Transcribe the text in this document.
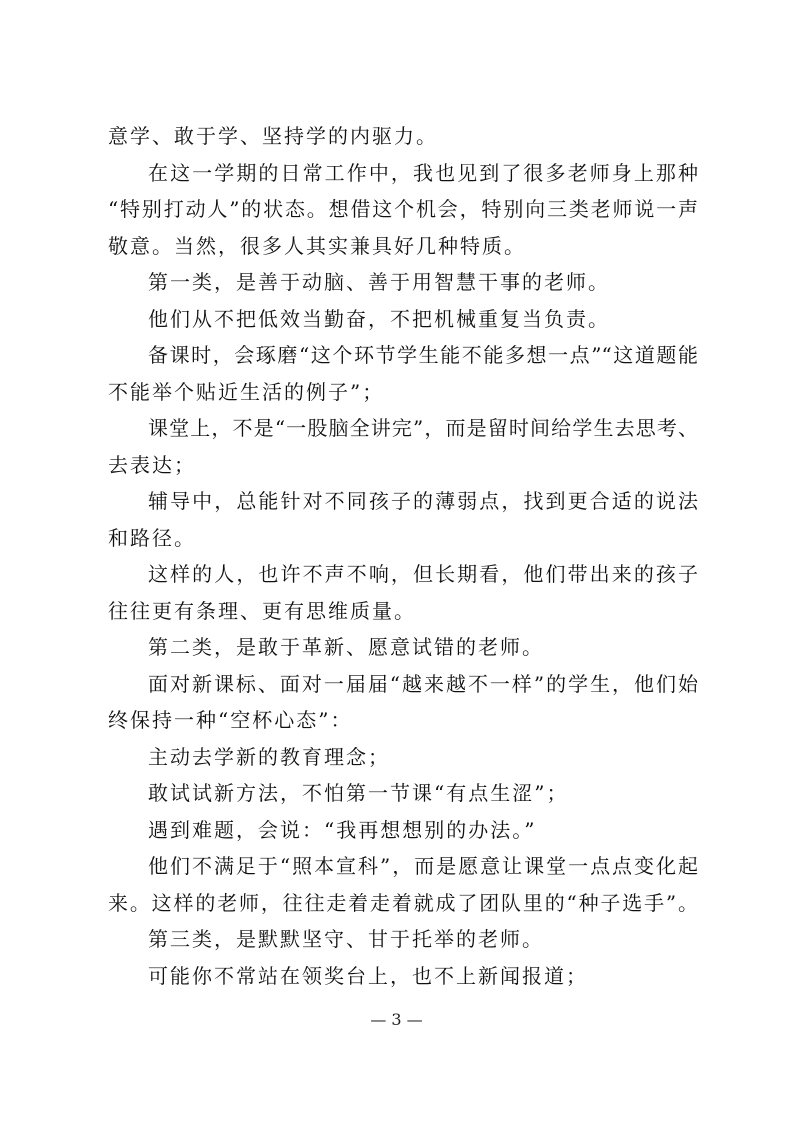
意学、敢于学、坚持学的内驱力。
在这一学期的日常工作中，我也见到了很多老师身上那种
“特别打动人”的状态。想借这个机会，特别向三类老师说一声
敬意。当然，很多人其实兼具好几种特质。
第一类，是善于动脑、善于用智慧干事的老师。
他们从不把低效当勤奋，不把机械重复当负责。
备课时，会琢磨“这个环节学生能不能多想一点”“这道题能
不能举个贴近生活的例子”；
课堂上，不是“一股脑全讲完”，而是留时间给学生去思考、
去表达；
辅导中，总能针对不同孩子的薄弱点，找到更合适的说法
和路径。
这样的人，也许不声不响，但长期看，他们带出来的孩子
往往更有条理、更有思维质量。
第二类，是敢于革新、愿意试错的老师。
面对新课标、面对一届届“越来越不一样”的学生，他们始
终保持一种“空杯心态”：
主动去学新的教育理念；
敢试试新方法，不怕第一节课“有点生涩”；
遇到难题，会说：“我再想想别的办法。”
他们不满足于“照本宣科”，而是愿意让课堂一点点变化起
来。这样的老师，往往走着走着就成了团队里的“种子选手”。
第三类，是默默坚守、甘于托举的老师。
可能你不常站在领奖台上，也不上新闻报道；
— 3 —
